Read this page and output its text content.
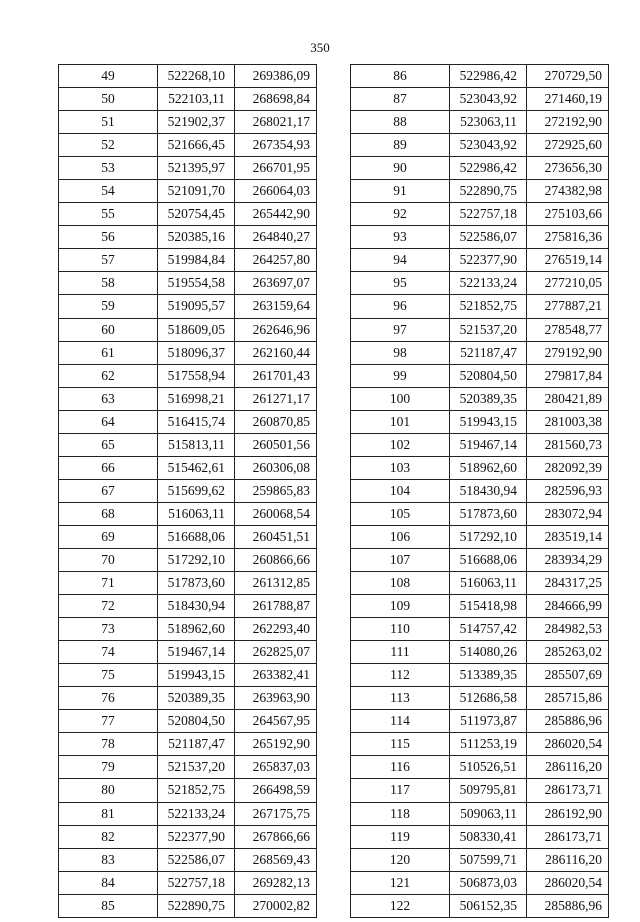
350
49	522268,10	269386,09
50	522103,11	268698,84
51	521902,37	268021,17
52	521666,45	267354,93
53	521395,97	266701,95
54	521091,70	266064,03
55	520754,45	265442,90
56	520385,16	264840,27
57	519984,84	264257,80
58	519554,58	263697,07
59	519095,57	263159,64
60	518609,05	262646,96
61	518096,37	262160,44
62	517558,94	261701,43
63	516998,21	261271,17
64	516415,74	260870,85
65	515813,11	260501,56
66	515462,61	260306,08
67	515699,62	259865,83
68	516063,11	260068,54
69	516688,06	260451,51
70	517292,10	260866,66
71	517873,60	261312,85
72	518430,94	261788,87
73	518962,60	262293,40
74	519467,14	262825,07
75	519943,15	263382,41
76	520389,35	263963,90
77	520804,50	264567,95
78	521187,47	265192,90
79	521537,20	265837,03
80	521852,75	266498,59
81	522133,24	267175,75
82	522377,90	267866,66
83	522586,07	268569,43
84	522757,18	269282,13
85	522890,75	270002,82
86	522986,42	270729,50
87	523043,92	271460,19
88	523063,11	272192,90
89	523043,92	272925,60
90	522986,42	273656,30
91	522890,75	274382,98
92	522757,18	275103,66
93	522586,07	275816,36
94	522377,90	276519,14
95	522133,24	277210,05
96	521852,75	277887,21
97	521537,20	278548,77
98	521187,47	279192,90
99	520804,50	279817,84
100	520389,35	280421,89
101	519943,15	281003,38
102	519467,14	281560,73
103	518962,60	282092,39
104	518430,94	282596,93
105	517873,60	283072,94
106	517292,10	283519,14
107	516688,06	283934,29
108	516063,11	284317,25
109	515418,98	284666,99
110	514757,42	284982,53
111	514080,26	285263,02
112	513389,35	285507,69
113	512686,58	285715,86
114	511973,87	285886,96
115	511253,19	286020,54
116	510526,51	286116,20
117	509795,81	286173,71
118	509063,11	286192,90
119	508330,41	286173,71
120	507599,71	286116,20
121	506873,03	286020,54
122	506152,35	285886,96
